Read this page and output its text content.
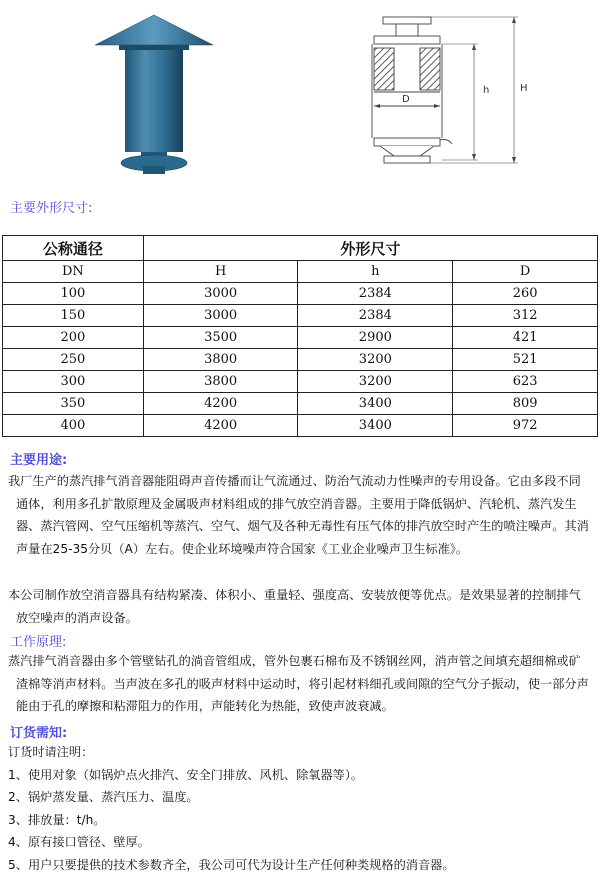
D
h	H
主要外形尺寸:
公称通径	外形尺寸		
DN	H	h	D
100	3000	2384	260
150	3000	2384	312
200	3500	2900	421
250	3800	3200	521
300	3800	3200	623
350	4200	3400	809
400	4200	3400	972
主要用途:

我厂生产的蒸汽排气消音器能阻碍声音传播而让气流通过、防治气流动力性噪声的专用设备。它由多段不同通体，利用多孔扩散原理及金属吸声材料组成的排气放空消音器。主要用于降低锅炉、汽轮机、蒸汽发生器、蒸汽管网、空气压缩机等蒸汽、空气、烟气及各种无毒性有压气体的排汽放空时产生的喷注噪声。其消声量在25-35分贝（A）左右。使企业环境噪声符合国家《工业企业噪声卫生标准》。

本公司制作放空消音器具有结构紧凑、体积小、重量轻、强度高、安装放便等优点。是效果显著的控制排气放空噪声的消声设备。

工作原理:

蒸汽排气消音器由多个管壁钻孔的淌音管组成，管外包裹石棉布及不锈钢丝网，消声管之间填充超细棉或矿渣棉等消声材料。当声波在多孔的吸声材料中运动时，将引起材料细孔或间隙的空气分子振动，使一部分声能由于孔的摩擦和粘滞阻力的作用，声能转化为热能，致使声波衰减。

订货需知:
订货时请注明：
1、使用对象（如锅炉点火排汽、安全门排放、风机、除氧器等）。
2、锅炉蒸发量、蒸汽压力、温度。
3、排放量：t/h。
4、原有接口管径、壁厚。
5、用户只要提供的技术参数齐全，我公司可代为设计生产任何种类规格的消音器。
